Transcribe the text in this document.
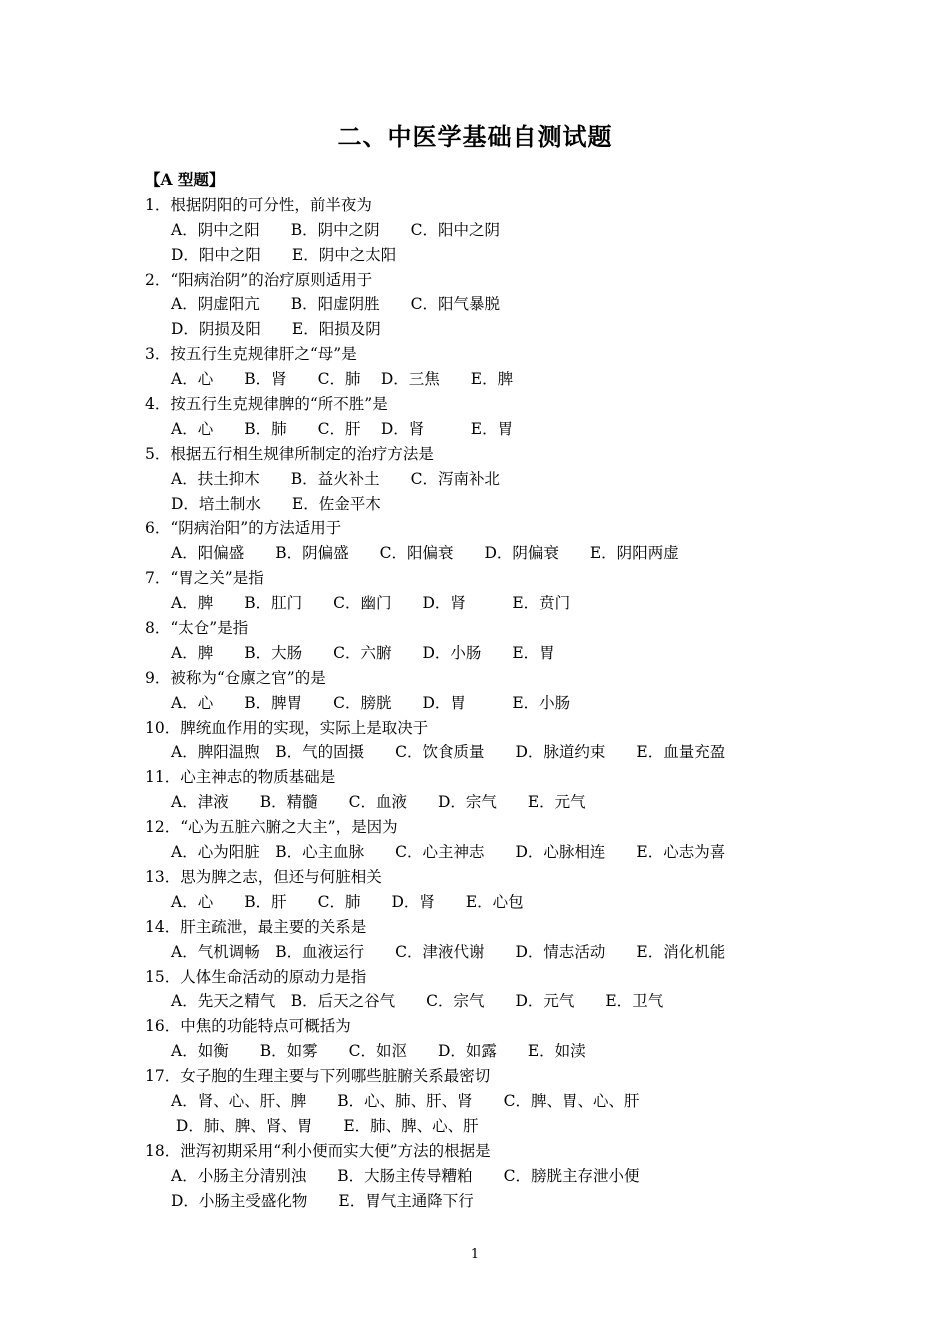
二、中医学基础自测试题
【A 型题】
1．根据阴阳的可分性，前半夜为
A．阴中之阳　　B．阴中之阴　　C．阳中之阴
D．阳中之阳　　E．阴中之太阳
2．“阳病治阴”的治疗原则适用于
A．阴虚阳亢　　B．阳虚阴胜　　C．阳气暴脱
D．阴损及阳　　E．阳损及阴
3．按五行生克规律肝之“母”是
A．心　　B．肾　　C．肺　 D．三焦　　E．脾
4．按五行生克规律脾的“所不胜”是
A．心　　B．肺　　C．肝　 D．肾　　　E．胃
5．根据五行相生规律所制定的治疗方法是
A．扶土抑木　　B．益火补土　　C．泻南补北
D．培土制水　　E．佐金平木
6．“阴病治阳”的方法适用于
A．阳偏盛　　B．阴偏盛　　C．阳偏衰　　D．阴偏衰　　E．阴阳两虚
7．“胃之关”是指
A．脾　　B．肛门　　C．幽门　　D．肾　　　E．贲门
8．“太仓”是指
A．脾　　B．大肠　　C．六腑　　D．小肠　　E．胃
9．被称为“仓廪之官”的是
A．心　　B．脾胃　　C．膀胱　　D．胃　　　E．小肠
10．脾统血作用的实现，实际上是取决于
A．脾阳温煦　B．气的固摄　　C．饮食质量　　D．脉道约束　　E．血量充盈
11．心主神志的物质基础是
A．津液　　B．精髓　　C．血液　　D．宗气　　E．元气
12．“心为五脏六腑之大主”，是因为
A．心为阳脏　B．心主血脉　　C．心主神志　　D．心脉相连　　E．心志为喜
13．思为脾之志，但还与何脏相关
A．心　　B．肝　　C．肺　　D．肾　　E．心包
14．肝主疏泄，最主要的关系是
A．气机调畅　B．血液运行　　C．津液代谢　　D．情志活动　　E．消化机能
15．人体生命活动的原动力是指
A．先天之精气　B．后天之谷气　　C．宗气　　D．元气　　E．卫气
16．中焦的功能特点可概括为
A．如衡　　B．如雾　　C．如沤　　D．如露　　E．如渎
17．女子胞的生理主要与下列哪些脏腑关系最密切
A．肾、心、肝、脾　　B．心、肺、肝、肾　　C．脾、胃、心、肝
D．肺、脾、肾、胃　　E．肺、脾、心、肝
18．泄泻初期采用“利小便而实大便”方法的根据是
A．小肠主分清别浊　　B．大肠主传导糟粕　　C．膀胱主存泄小便
D．小肠主受盛化物　　E．胃气主通降下行
1
